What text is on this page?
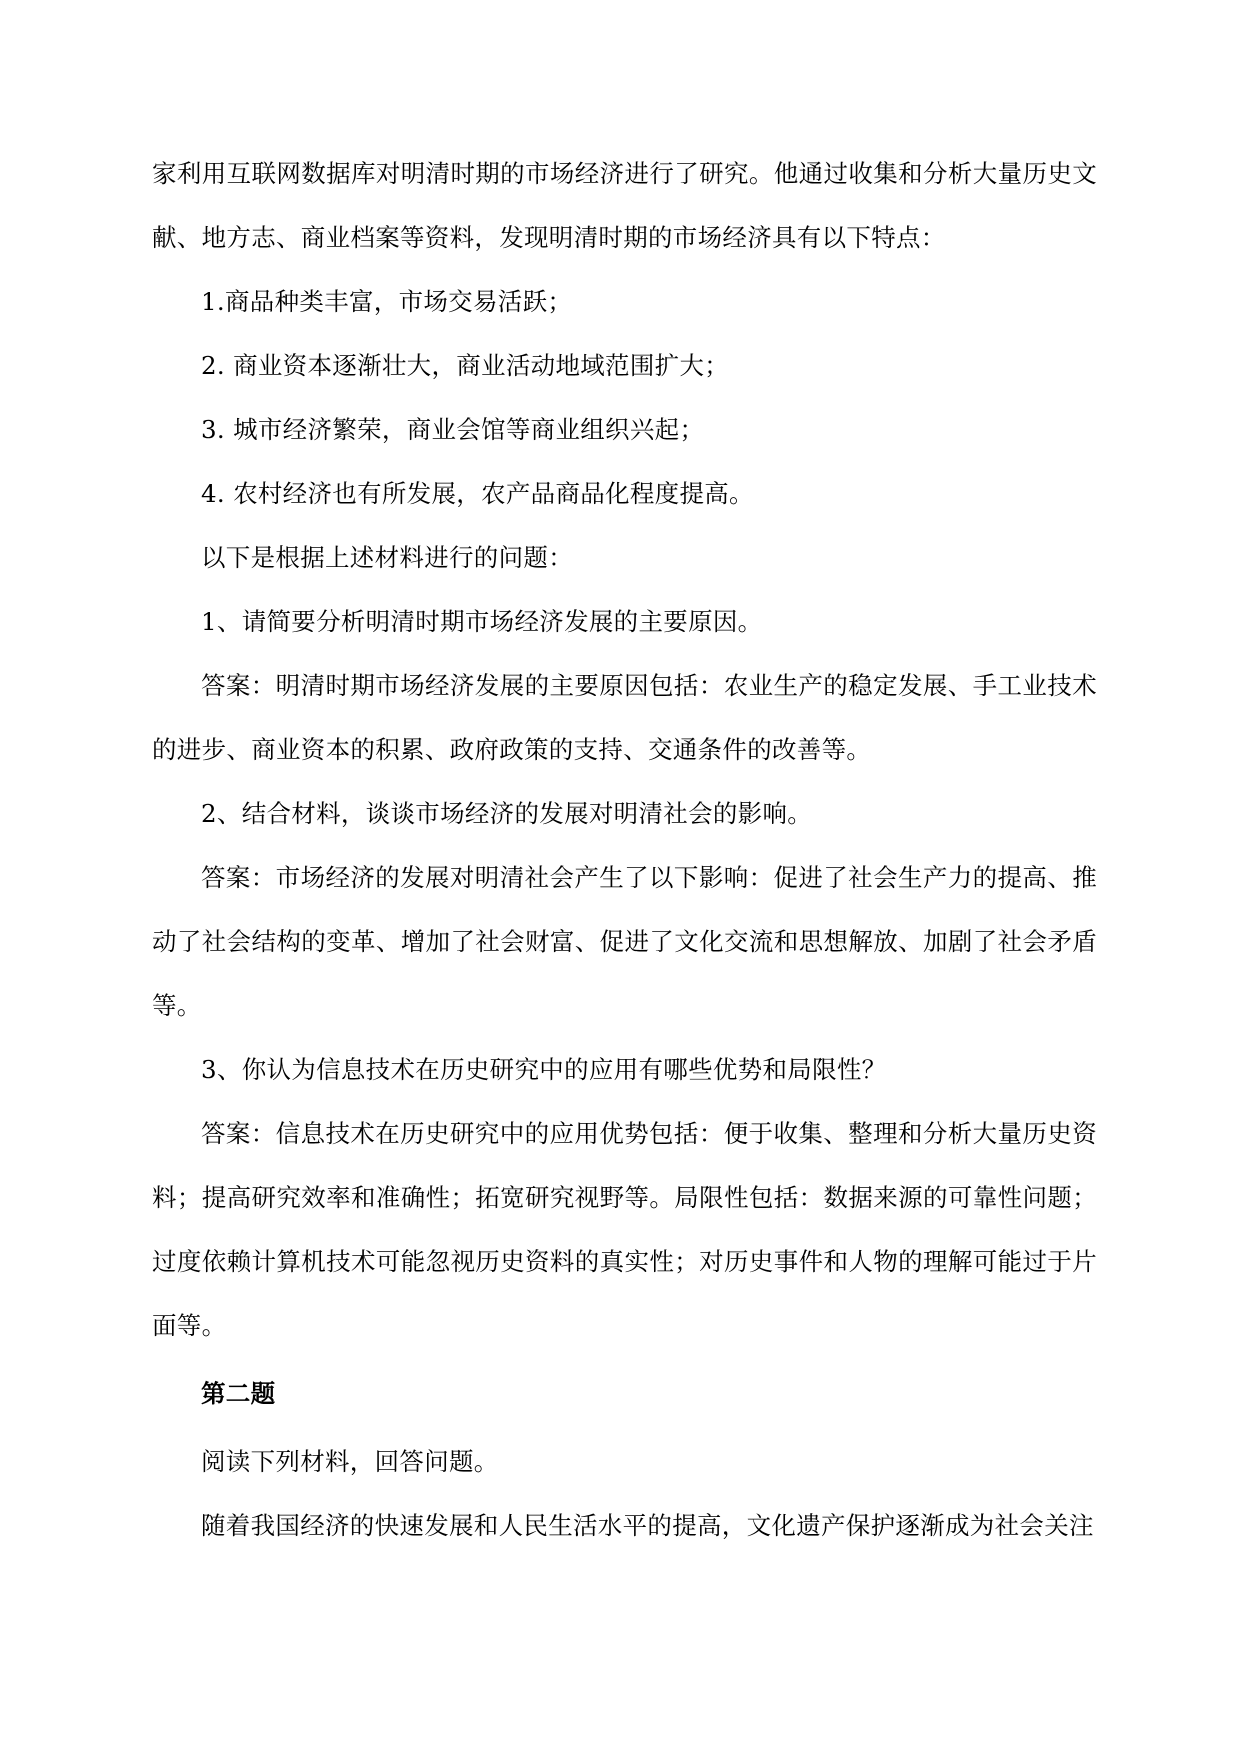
家利用互联网数据库对明清时期的市场经济进行了研究。他通过收集和分析大量历史文献、地方志、商业档案等资料，发现明清时期的市场经济具有以下特点：

1.商品种类丰富，市场交易活跃；

2. 商业资本逐渐壮大，商业活动地域范围扩大；

3. 城市经济繁荣，商业会馆等商业组织兴起；

4. 农村经济也有所发展，农产品商品化程度提高。

以下是根据上述材料进行的问题：

1、请简要分析明清时期市场经济发展的主要原因。

答案：明清时期市场经济发展的主要原因包括：农业生产的稳定发展、手工业技术的进步、商业资本的积累、政府政策的支持、交通条件的改善等。

2、结合材料，谈谈市场经济的发展对明清社会的影响。

答案：市场经济的发展对明清社会产生了以下影响：促进了社会生产力的提高、推动了社会结构的变革、增加了社会财富、促进了文化交流和思想解放、加剧了社会矛盾等。

3、你认为信息技术在历史研究中的应用有哪些优势和局限性？

答案：信息技术在历史研究中的应用优势包括：便于收集、整理和分析大量历史资料；提高研究效率和准确性；拓宽研究视野等。局限性包括：数据来源的可靠性问题；过度依赖计算机技术可能忽视历史资料的真实性；对历史事件和人物的理解可能过于片面等。

第二题

阅读下列材料，回答问题。

随着我国经济的快速发展和人民生活水平的提高，文化遗产保护逐渐成为社会关注
